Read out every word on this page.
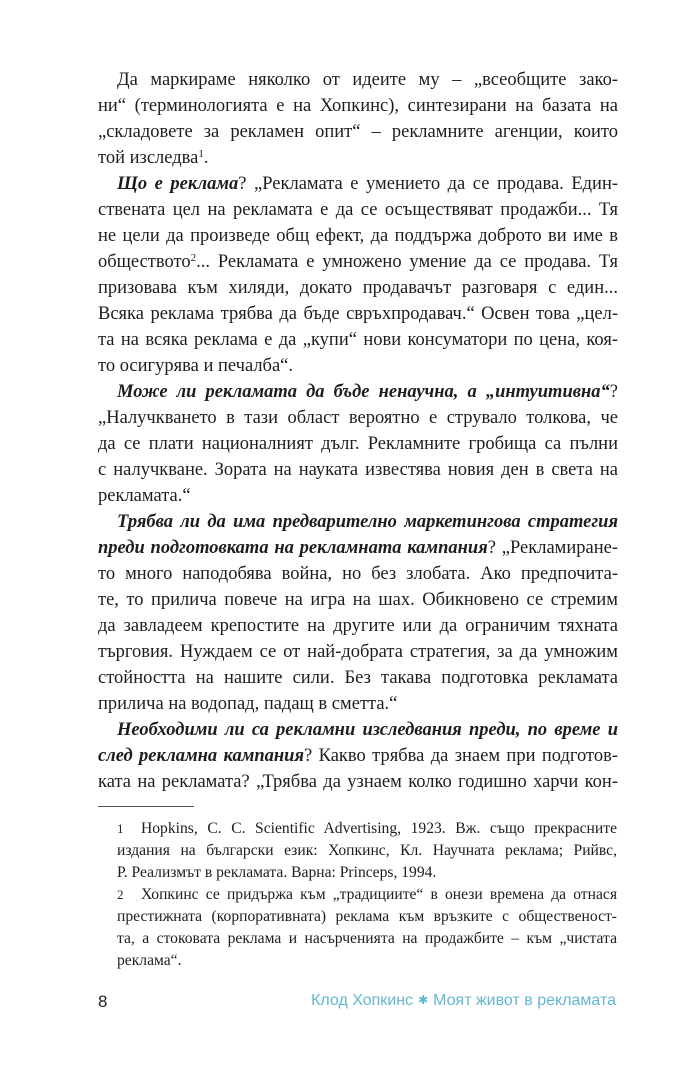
Да маркираме няколко от идеите му – „всеобщите зако-
ни“ (терминологията е на Хопкинс), синтезирани на базата на
„складовете за рекламен опит“ – рекламните агенции, които
той изследва$^1$.
Що е реклама? „Рекламата е умението да се продава. Един-
ствената цел на рекламата е да се осъществяват продажби... Тя
не цели да произведе общ ефект, да поддържа доброто ви име в
обществото$^2$... Рекламата е умножено умение да се продава. Тя
призовава към хиляди, докато продавачът разговаря с един...
Всяка реклама трябва да бъде свръхпродавач.“ Освен това „цел-
та на всяка реклама е да „купи“ нови консуматори по цена, коя-
то осигурява и печалба“.
Може ли рекламата да бъде ненаучна, а „интуитивна“?
„Налучкването в тази област вероятно е струвало толкова, че
да се плати националният дълг. Рекламните гробища са пълни
с налучкване. Зората на науката известява новия ден в света на
рекламата.“
Трябва ли да има предварително маркетингова стратегия
преди подготовката на рекламната кампания? „Рекламиране-
то много наподобява война, но без злобата. Ако предпочита-
те, то прилича повече на игра на шах. Обикновено се стремим
да завладеем крепостите на другите или да ограничим тяхната
търговия. Нуждаем се от най-добрата стратегия, за да умножим
стойността на нашите сили. Без такава подготовка рекламата
прилича на водопад, падащ в сметта.“
Необходими ли са рекламни изследвания преди, по време и
след рекламна кампания? Какво трябва да знаем при подготов-
ката на рекламата? „Трябва да узнаем колко годишно харчи кон-
1 Hopkins, C. C. Scientific Advertising, 1923. Вж. също прекрасните
издания на български език: Хопкинс, Кл. Научната реклама; Рийвс,
Р. Реализмът в рекламата. Варна: Princeps, 1994.
2 Хопкинс се придържа към „традициите“ в онези времена да отнася
престижната (корпоративната) реклама към връзките с общественост-
та, а стоковата реклама и насърченията на продажбите – към „чистата
реклама“.
8	Клод Хопкинс ✱ Моят живот в рекламата
